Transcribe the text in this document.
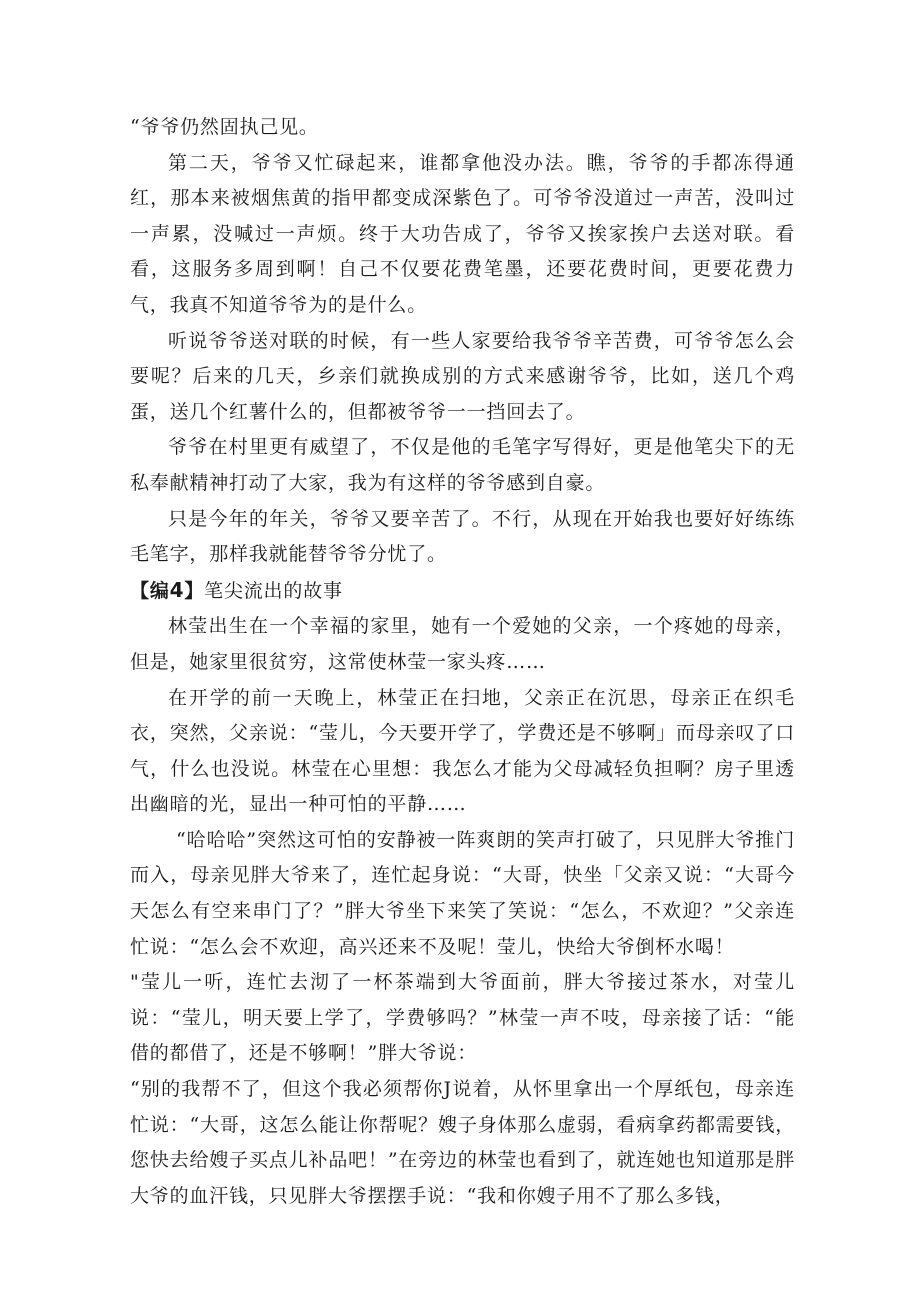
“爷爷仍然固执己见。

第二天，爷爷又忙碌起来，谁都拿他没办法。瞧，爷爷的手都冻得通红，那本来被烟焦黄的指甲都变成深紫色了。可爷爷没道过一声苦，没叫过一声累，没喊过一声烦。终于大功告成了，爷爷又挨家挨户去送对联。看看，这服务多周到啊！自己不仅要花费笔墨，还要花费时间，更要花费力气，我真不知道爷爷为的是什么。

听说爷爷送对联的时候，有一些人家要给我爷爷辛苦费，可爷爷怎么会要呢？后来的几天，乡亲们就换成别的方式来感谢爷爷，比如，送几个鸡蛋，送几个红薯什么的，但都被爷爷一一挡回去了。

爷爷在村里更有威望了，不仅是他的毛笔字写得好，更是他笔尖下的无私奉献精神打动了大家，我为有这样的爷爷感到自豪。

只是今年的年关，爷爷又要辛苦了。不行，从现在开始我也要好好练练毛笔字，那样我就能替爷爷分忧了。

【编4】笔尖流出的故事

林莹出生在一个幸福的家里，她有一个爱她的父亲，一个疼她的母亲，但是，她家里很贫穷，这常使林莹一家头疼……

在开学的前一天晚上，林莹正在扫地，父亲正在沉思，母亲正在织毛衣，突然，父亲说：“莹儿，今天要开学了，学费还是不够啊」而母亲叹了口气，什么也没说。林莹在心里想：我怎么才能为父母减轻负担啊？房子里透出幽暗的光，显出一种可怕的平静……

“哈哈哈”突然这可怕的安静被一阵爽朗的笑声打破了，只见胖大爷推门而入，母亲见胖大爷来了，连忙起身说：“大哥，快坐「父亲又说：“大哥今天怎么有空来串门了？”胖大爷坐下来笑了笑说：“怎么，不欢迎？”父亲连忙说：“怎么会不欢迎，高兴还来不及呢！莹儿，快给大爷倒杯水喝！

"莹儿一听，连忙去沏了一杯茶端到大爷面前，胖大爷接过茶水，对莹儿说：“莹儿，明天要上学了，学费够吗？”林莹一声不吱，母亲接了话：“能借的都借了，还是不够啊！”胖大爷说：

“别的我帮不了，但这个我必须帮你J说着，从怀里拿出一个厚纸包，母亲连忙说：“大哥，这怎么能让你帮呢？嫂子身体那么虚弱，看病拿药都需要钱，您快去给嫂子买点儿补品吧！”在旁边的林莹也看到了，就连她也知道那是胖大爷的血汗钱，只见胖大爷摆摆手说：“我和你嫂子用不了那么多钱，
